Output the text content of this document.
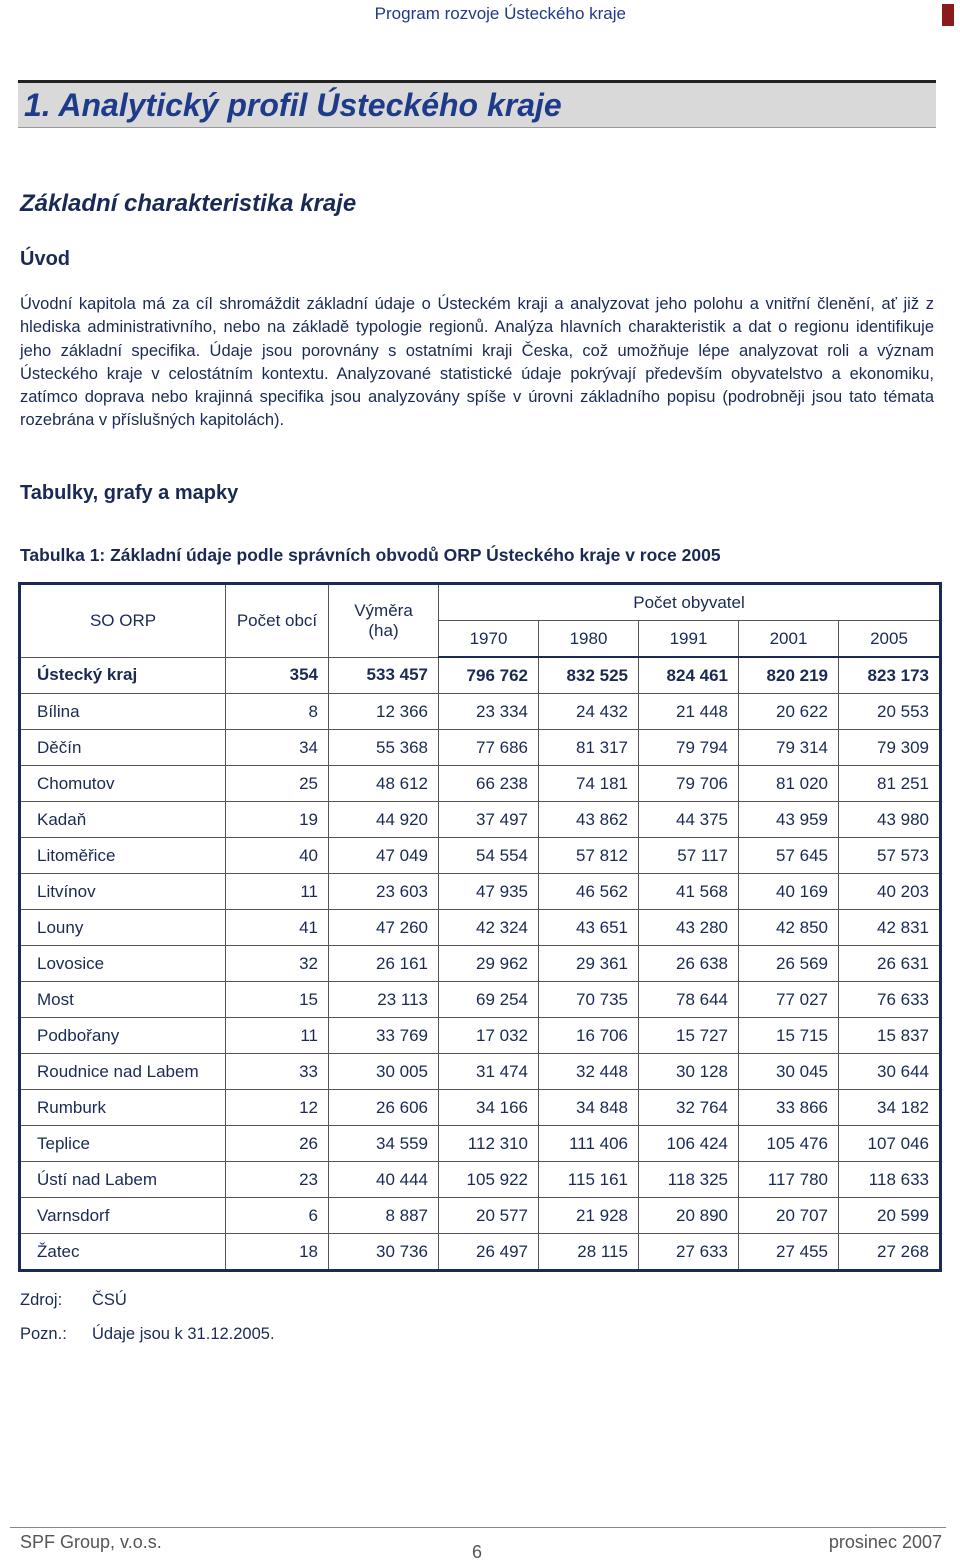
Program rozvoje Ústeckého kraje
1. Analytický profil Ústeckého kraje
Základní charakteristika kraje
Úvod

Úvodní kapitola má za cíl shromáždit základní údaje o Ústeckém kraji a analyzovat jeho polohu a vnitřní členění, ať již z hlediska administrativního, nebo na základě typologie regionů. Analýza hlavních charakteristik a dat o regionu identifikuje jeho základní specifika. Údaje jsou porovnány s ostatními kraji Česka, což umožňuje lépe analyzovat roli a význam Ústeckého kraje v celostátním kontextu. Analyzované statistické údaje pokrývají především obyvatelstvo a ekonomiku, zatímco doprava nebo krajinná specifika jsou analyzovány spíše v úrovni základního popisu (podrobněji jsou tato témata rozebrána v příslušných kapitolách).

Tabulky, grafy a mapky
Tabulka 1: Základní údaje podle správních obvodů ORP Ústeckého kraje v roce 2005
SO ORP	Počet obcí	Výměra (ha)	Počet obyvatel				
			1970	1980	1991	2001	2005
Ústecký kraj	354	533 457	796 762	832 525	824 461	820 219	823 173
Bílina	8	12 366	23 334	24 432	21 448	20 622	20 553
Děčín	34	55 368	77 686	81 317	79 794	79 314	79 309
Chomutov	25	48 612	66 238	74 181	79 706	81 020	81 251
Kadaň	19	44 920	37 497	43 862	44 375	43 959	43 980
Litoměřice	40	47 049	54 554	57 812	57 117	57 645	57 573
Litvínov	11	23 603	47 935	46 562	41 568	40 169	40 203
Louny	41	47 260	42 324	43 651	43 280	42 850	42 831
Lovosice	32	26 161	29 962	29 361	26 638	26 569	26 631
Most	15	23 113	69 254	70 735	78 644	77 027	76 633
Podbořany	11	33 769	17 032	16 706	15 727	15 715	15 837
Roudnice nad Labem	33	30 005	31 474	32 448	30 128	30 045	30 644
Rumburk	12	26 606	34 166	34 848	32 764	33 866	34 182
Teplice	26	34 559	112 310	111 406	106 424	105 476	107 046
Ústí nad Labem	23	40 444	105 922	115 161	118 325	117 780	118 633
Varnsdorf	6	8 887	20 577	21 928	20 890	20 707	20 599
Žatec	18	30 736	26 497	28 115	27 633	27 455	27 268
Zdroj:	ČSÚ
Pozn.:	Údaje jsou k 31.12.2005.
SPF Group, v.o.s.	6	prosinec 2007
